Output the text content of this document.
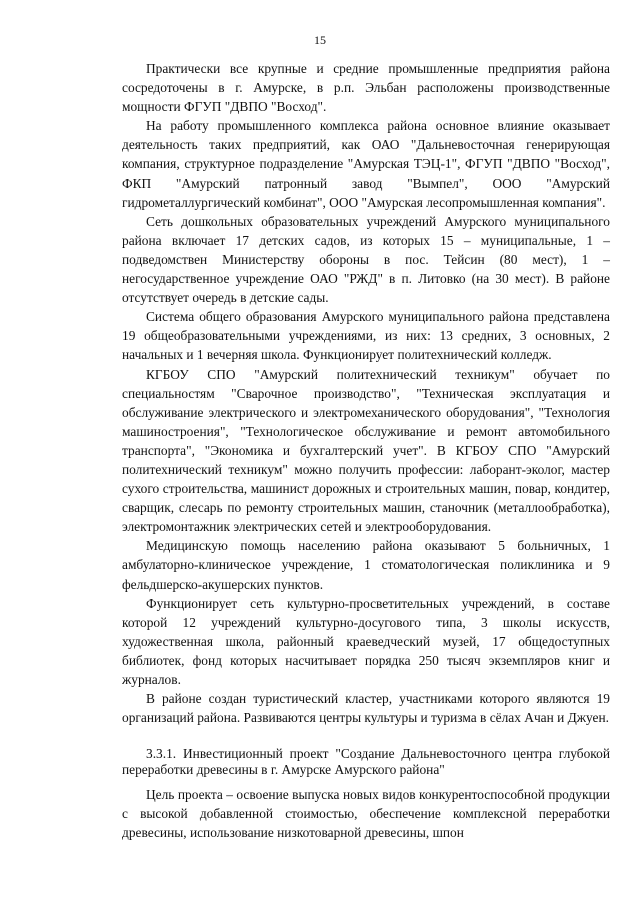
15

Практически все крупные и средние промышленные предприятия района сосредоточены в г. Амурске, в р.п. Эльбан расположены производственные мощности ФГУП "ДВПО "Восход".

На работу промышленного комплекса района основное влияние оказывает деятельность таких предприятий, как ОАО "Дальневосточная генерирующая компания, структурное подразделение "Амурская ТЭЦ-1", ФГУП "ДВПО "Восход", ФКП "Амурский патронный завод "Вымпел", ООО "Амурский гидрометаллургический комбинат", ООО "Амурская лесопромышленная компания".

Сеть дошкольных образовательных учреждений Амурского муниципального района включает 17 детских садов, из которых 15 – муниципальные, 1 – подведомствен Министерству обороны в пос. Тейсин (80 мест), 1 – негосударственное учреждение ОАО "РЖД" в п. Литовко (на 30 мест). В районе отсутствует очередь в детские сады.

Система общего образования Амурского муниципального района представлена 19 общеобразовательными учреждениями, из них: 13 средних, 3 основных, 2 начальных и 1 вечерняя школа. Функционирует политехнический колледж.

КГБОУ СПО "Амурский политехнический техникум" обучает по специальностям "Сварочное производство", "Техническая эксплуатация и обслуживание электрического и электромеханического оборудования", "Технология машиностроения", "Технологическое обслуживание и ремонт автомобильного транспорта", "Экономика и бухгалтерский учет". В КГБОУ СПО "Амурский политехнический техникум" можно получить профессии: лаборант-эколог, мастер сухого строительства, машинист дорожных и строительных машин, повар, кондитер, сварщик, слесарь по ремонту строительных машин, станочник (металлообработка), электромонтажник электрических сетей и электрооборудования.

Медицинскую помощь населению района оказывают 5 больничных, 1 амбулаторно-клиническое учреждение, 1 стоматологическая поликлиника и 9 фельдшерско-акушерских пунктов.

Функционирует сеть культурно-просветительных учреждений, в составе которой 12 учреждений культурно-досугового типа, 3 школы искусств, художественная школа, районный краеведческий музей, 17 общедоступных библиотек, фонд которых насчитывает порядка 250 тысяч экземпляров книг и журналов.

В районе создан туристический кластер, участниками которого являются 19 организаций района. Развиваются центры культуры и туризма в сёлах Ачан и Джуен.

3.3.1. Инвестиционный проект "Создание Дальневосточного центра глубокой переработки древесины в г. Амурске Амурского района"

Цель проекта – освоение выпуска новых видов конкурентоспособной продукции с высокой добавленной стоимостью, обеспечение комплексной переработки древесины, использование низкотоварной древесины, шпон
